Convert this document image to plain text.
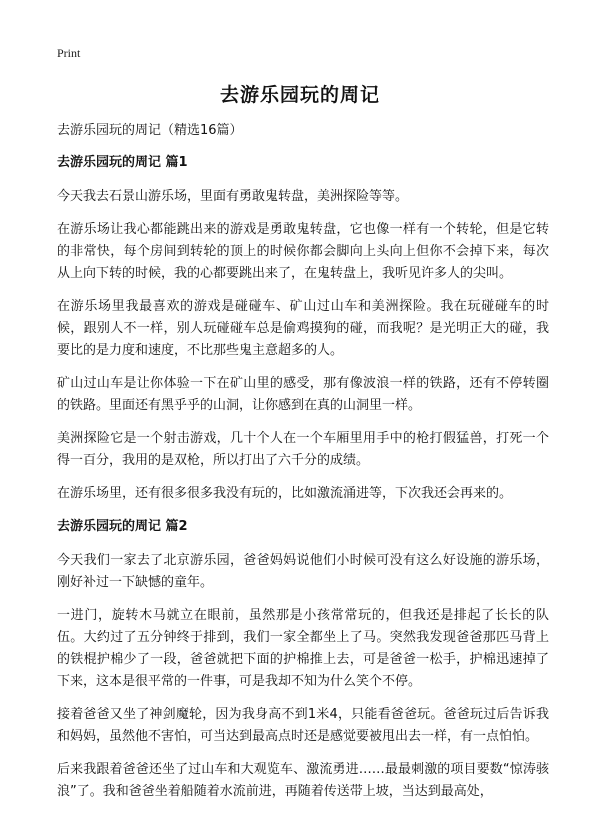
Print
去游乐园玩的周记
去游乐园玩的周记（精选16篇）
去游乐园玩的周记 篇1
今天我去石景山游乐场，里面有勇敢鬼转盘，美洲探险等等。
在游乐场让我心都能跳出来的游戏是勇敢鬼转盘，它也像一样有一个转轮，但是它转的非常快，每个房间到转轮的顶上的时候你都会脚向上头向上但你不会掉下来，每次从上向下转的时候，我的心都要跳出来了，在鬼转盘上，我听见许多人的尖叫。
在游乐场里我最喜欢的游戏是碰碰车、矿山过山车和美洲探险。我在玩碰碰车的时候，跟别人不一样，别人玩碰碰车总是偷鸡摸狗的碰，而我呢？是光明正大的碰，我要比的是力度和速度，不比那些鬼主意超多的人。
矿山过山车是让你体验一下在矿山里的感受，那有像波浪一样的铁路，还有不停转圈的铁路。里面还有黑乎乎的山洞，让你感到在真的山洞里一样。
美洲探险它是一个射击游戏，几十个人在一个车厢里用手中的枪打假猛兽，打死一个得一百分，我用的是双枪，所以打出了六千分的成绩。
在游乐场里，还有很多很多我没有玩的，比如激流涌进等，下次我还会再来的。
去游乐园玩的周记 篇2
今天我们一家去了北京游乐园，爸爸妈妈说他们小时候可没有这么好设施的游乐场，刚好补过一下缺憾的童年。
一进门，旋转木马就立在眼前，虽然那是小孩常常玩的，但我还是排起了长长的队伍。大约过了五分钟终于排到，我们一家全都坐上了马。突然我发现爸爸那匹马背上的铁棍护棉少了一段，爸爸就把下面的护棉推上去，可是爸爸一松手，护棉迅速掉了下来，这本是很平常的一件事，可是我却不知为什么笑个不停。
接着爸爸又坐了神剑魔轮，因为我身高不到1米4，只能看爸爸玩。爸爸玩过后告诉我和妈妈，虽然他不害怕，可当达到最高点时还是感觉要被甩出去一样，有一点怕怕。
后来我跟着爸爸还坐了过山车和大观览车、激流勇进……最最刺激的项目要数“惊涛骇浪”了。我和爸爸坐着船随着水流前进，再随着传送带上坡，当达到最高处，
